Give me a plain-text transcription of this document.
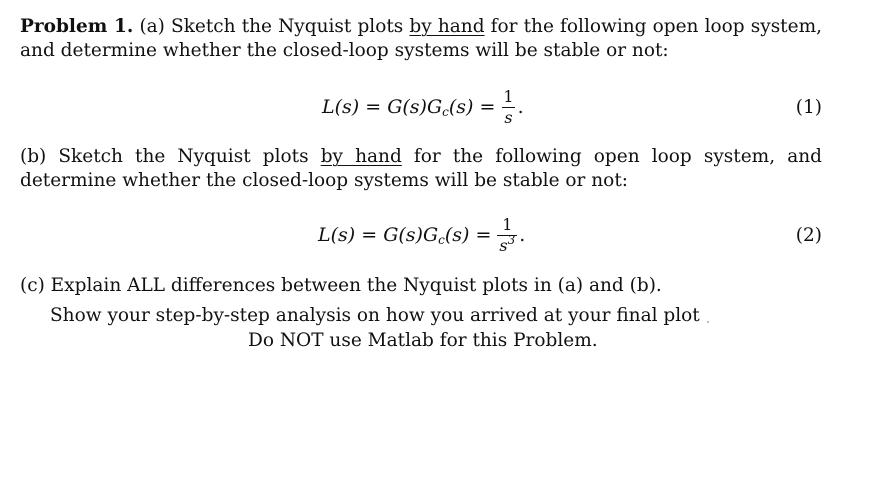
Problem 1. (a) Sketch the Nyquist plots by hand for the following open loop system, and determine whether the closed-loop systems will be stable or not:
L(s) = G(s)G c $(s) = \frac{1}{s}$ .	(1)
(b) Sketch the Nyquist plots by hand for the following open loop system, and determine whether the closed-loop systems will be stable or not:
L(s) = G(s)G c $(s) = \frac{1}{s^3}$ .	(2)
(c) Explain ALL differences between the Nyquist plots in (a) and (b).
Show your step-by-step analysis on how you arrived at your final plot
Do NOT use Matlab for this Problem.
